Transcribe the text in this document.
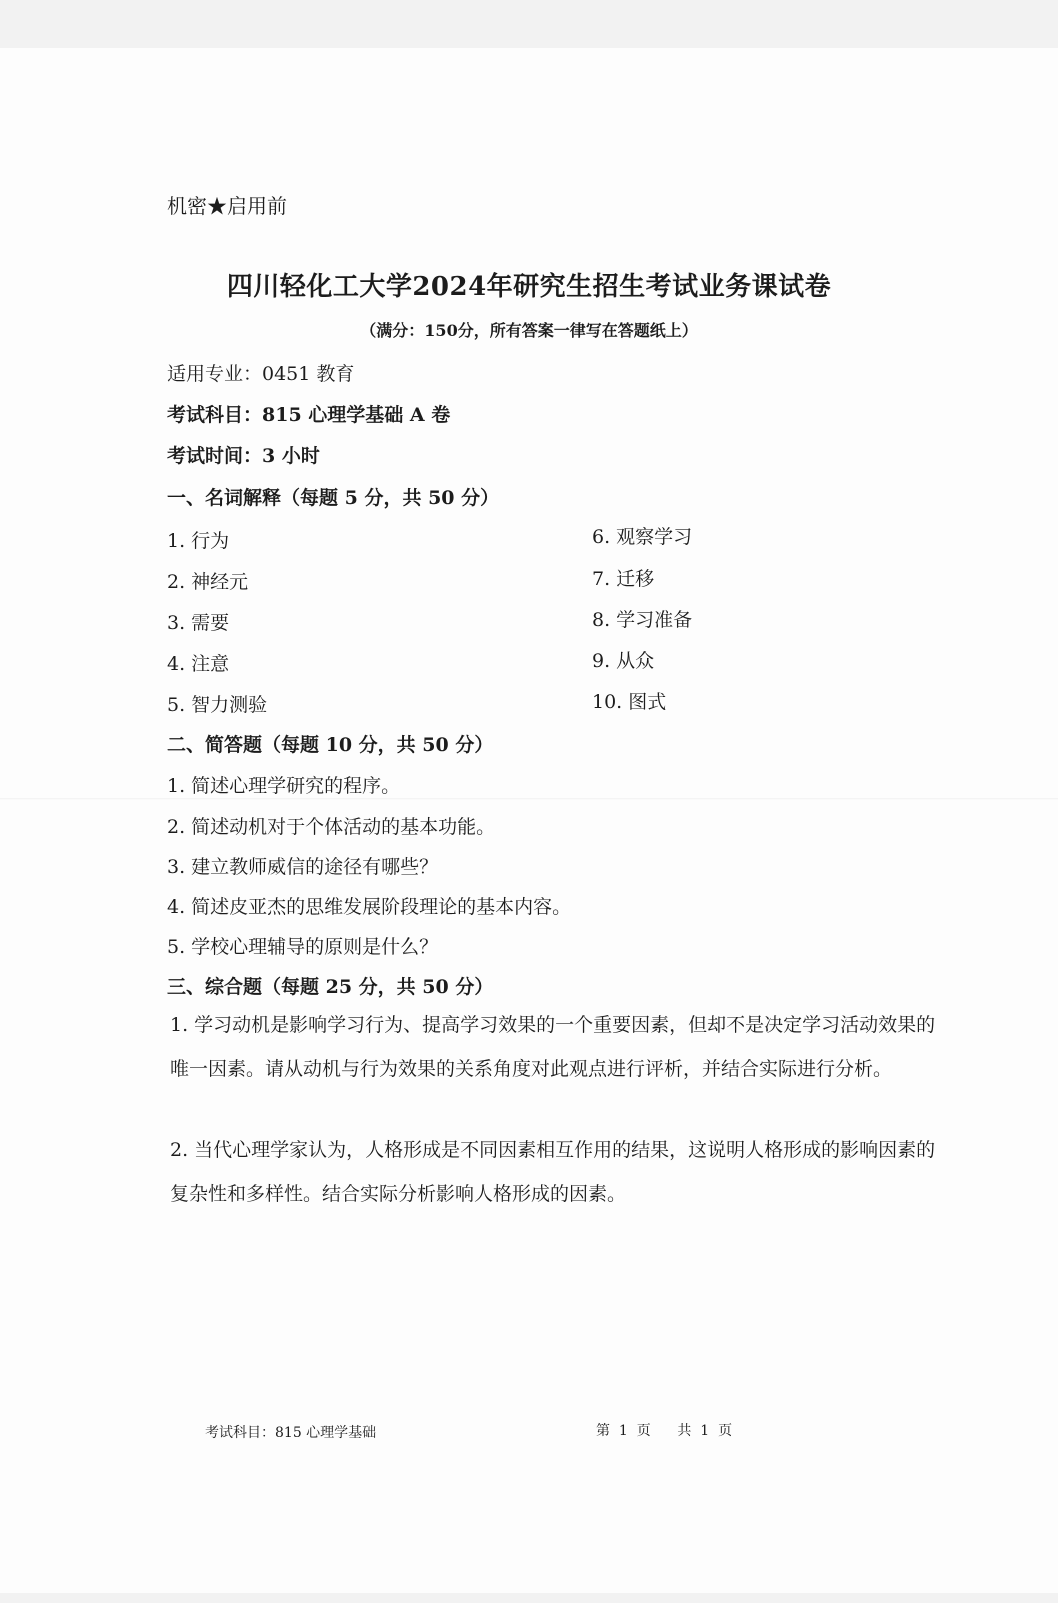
机密★启用前
四川轻化工大学2024年研究生招生考试业务课试卷
（满分：150分，所有答案一律写在答题纸上）
适用专业：0451 教育
考试科目：815 心理学基础 A 卷
考试时间：3 小时
一、名词解释（每题 5 分，共 50 分）
1. 行为
2. 神经元
3. 需要
4. 注意
5. 智力测验
6. 观察学习
7. 迁移
8. 学习准备
9. 从众
10. 图式
二、简答题（每题 10 分，共 50 分）
1. 简述心理学研究的程序。
2. 简述动机对于个体活动的基本功能。
3. 建立教师威信的途径有哪些？
4. 简述皮亚杰的思维发展阶段理论的基本内容。
5. 学校心理辅导的原则是什么？
三、综合题（每题 25 分，共 50 分）
1. 学习动机是影响学习行为、提高学习效果的一个重要因素，但却不是决定学习活动效果的唯一因素。请从动机与行为效果的关系角度对此观点进行评析，并结合实际进行分析。
2. 当代心理学家认为，人格形成是不同因素相互作用的结果，这说明人格形成的影响因素的复杂性和多样性。结合实际分析影响人格形成的因素。
考试科目：815 心理学基础	第  1  页      共  1  页
